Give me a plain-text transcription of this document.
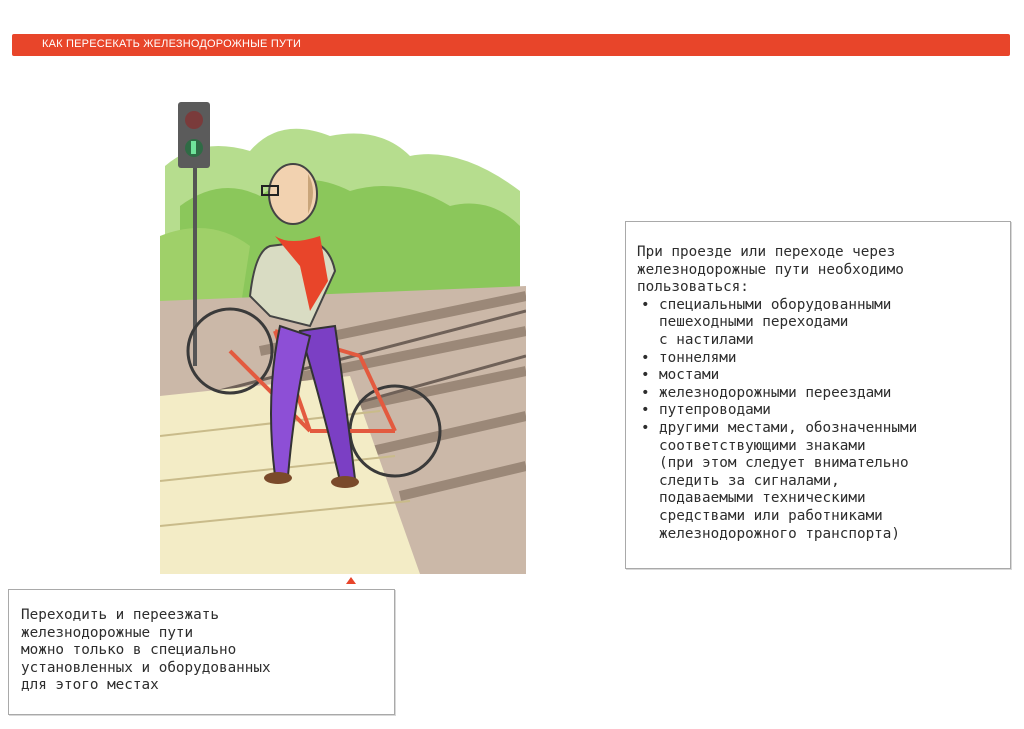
КАК ПЕРЕСЕКАТЬ ЖЕЛЕЗНОДОРОЖНЫЕ ПУТИ

При проезде или переходе через

железнодорожные пути необходимо

пользоваться:

• специальными оборудованными
пешеходными переходами
с настилами
• тоннелями
• мостами
• железнодорожными переездами
• путепроводами
• другими местами, обозначенными
соответствующими знаками
(при этом следует внимательно
следить за сигналами,
подаваемыми техническими
средствами или работниками
железнодорожного транспорта)
Переходить и переезжать
железнодорожные пути
можно только в специально
установленных и оборудованных
для этого местах
